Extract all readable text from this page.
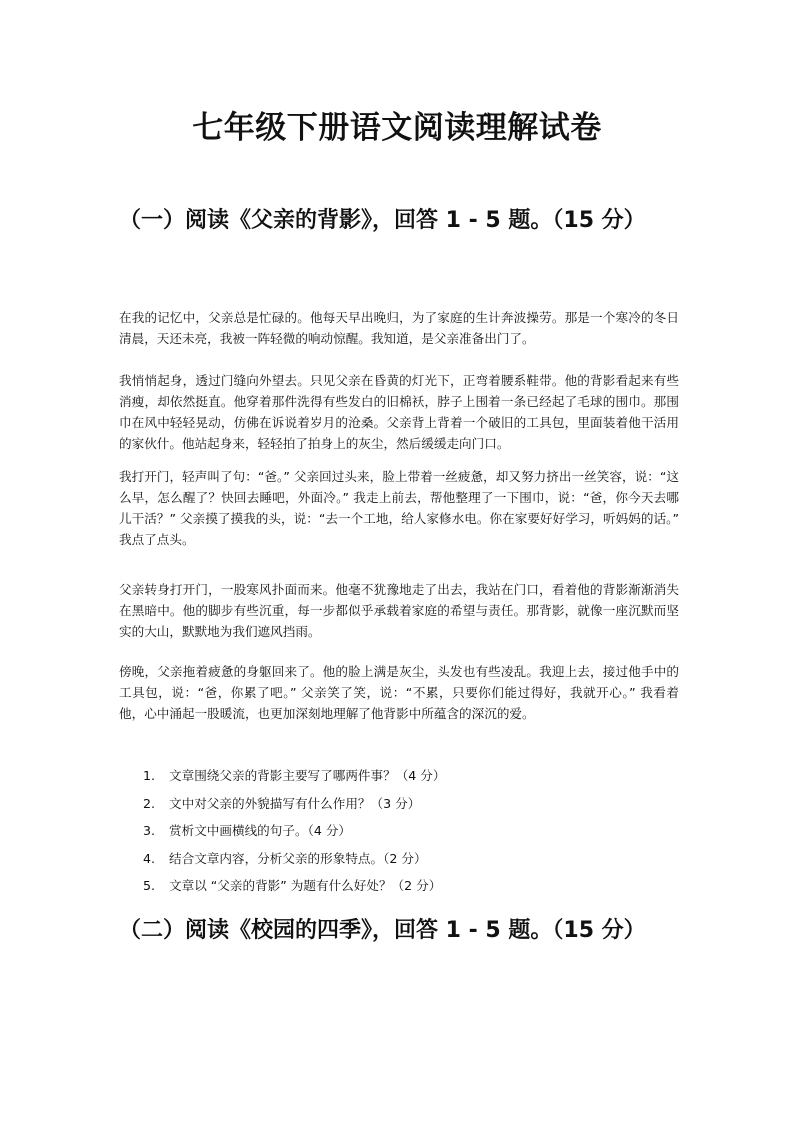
七年级下册语文阅读理解试卷
（一）阅读《父亲的背影》，回答 1 - 5 题。（15 分）

在我的记忆中，父亲总是忙碌的。他每天早出晚归，为了家庭的生计奔波操劳。那是一个寒冷的冬日清晨，天还未亮，我被一阵轻微的响动惊醒。我知道，是父亲准备出门了。

我悄悄起身，透过门缝向外望去。只见父亲在昏黄的灯光下，正弯着腰系鞋带。他的背影看起来有些消瘦，却依然挺直。他穿着那件洗得有些发白的旧棉袄，脖子上围着一条已经起了毛球的围巾。那围巾在风中轻轻晃动，仿佛在诉说着岁月的沧桑。父亲背上背着一个破旧的工具包，里面装着他干活用的家伙什。他站起身来，轻轻拍了拍身上的灰尘，然后缓缓走向门口。

我打开门，轻声叫了句：“爸。” 父亲回过头来，脸上带着一丝疲惫，却又努力挤出一丝笑容，说：“这么早，怎么醒了？快回去睡吧，外面冷。” 我走上前去，帮他整理了一下围巾，说：“爸，你今天去哪儿干活？” 父亲摸了摸我的头，说：“去一个工地，给人家修水电。你在家要好好学习，听妈妈的话。” 我点了点头。

父亲转身打开门，一股寒风扑面而来。他毫不犹豫地走了出去，我站在门口，看着他的背影渐渐消失在黑暗中。他的脚步有些沉重，每一步都似乎承载着家庭的希望与责任。那背影，就像一座沉默而坚实的大山，默默地为我们遮风挡雨。

傍晚，父亲拖着疲惫的身躯回来了。他的脸上满是灰尘，头发也有些凌乱。我迎上去，接过他手中的工具包，说：“爸，你累了吧。” 父亲笑了笑，说：“不累，只要你们能过得好，我就开心。” 我看着他，心中涌起一股暖流，也更加深刻地理解了他背影中所蕴含的深沉的爱。

1.	文章围绕父亲的背影主要写了哪两件事？（4 分）
2.	文中对父亲的外貌描写有什么作用？（3 分）
3.	赏析文中画横线的句子。（4 分）
4.	结合文章内容，分析父亲的形象特点。（2 分）
5.	文章以 “父亲的背影” 为题有什么好处？（2 分）
（二）阅读《校园的四季》，回答 1 - 5 题。（15 分）
